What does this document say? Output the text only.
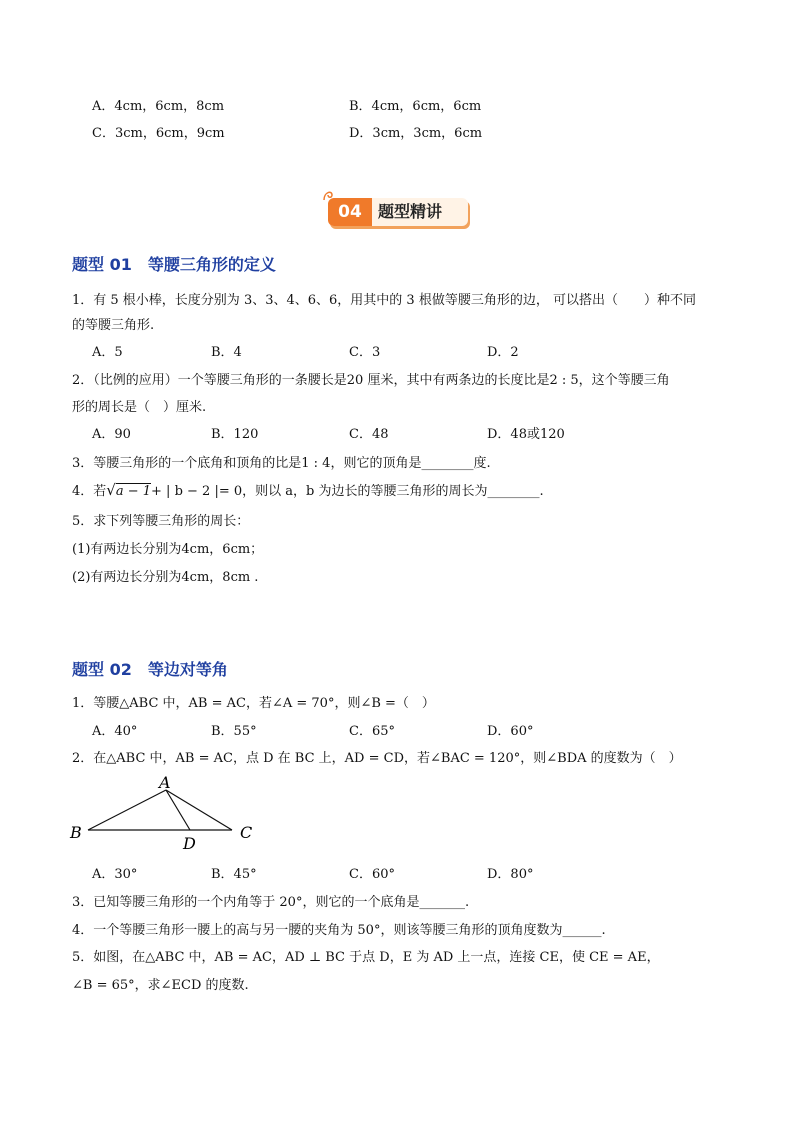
A．4cm，6cm，8cm	B．4cm，6cm，6cm
C．3cm，6cm，9cm	D．3cm，3cm，6cm
04	题型精讲
题型 01　等腰三角形的定义
1．有 5 根小棒，长度分别为 3、3、4、6、6，用其中的 3 根做等腰三角形的边， 可以搭出（　　）种不同
的等腰三角形.
A．5	B．4	C．3	D．2
2．（比例的应用）一个等腰三角形的一条腰长是20 厘米，其中有两条边的长度比是2 : 5，这个等腰三角
形的周长是（　）厘米.
A．90	B．120	C．48	D．48或120
3．等腰三角形的一个底角和顶角的比是1 : 4，则它的顶角是________度.
4．若√a − 1+ | b − 2 |= 0，则以 a，b 为边长的等腰三角形的周长为________.
5．求下列等腰三角形的周长：
(1)有两边长分别为4cm，6cm；
(2)有两边长分别为4cm，8cm .
题型 02　等边对等角
1．等腰△ABC 中，AB = AC，若∠A = 70°，则∠B =（　）
A．40°	B．55°	C．65°	D．60°
2．在△ABC 中，AB = AC，点 D 在 BC 上，AD = CD，若∠BAC = 120°，则∠BDA 的度数为（　）
A
B	C
D
A．30°	B．45°	C．60°	D．80°
3．已知等腰三角形的一个内角等于 20°，则它的一个底角是_______.
4．一个等腰三角形一腰上的高与另一腰的夹角为 50°，则该等腰三角形的顶角度数为______.
5．如图，在△ABC 中，AB = AC，AD ⊥ BC 于点 D，E 为 AD 上一点，连接 CE，使 CE = AE，
∠B = 65°，求∠ECD 的度数.
